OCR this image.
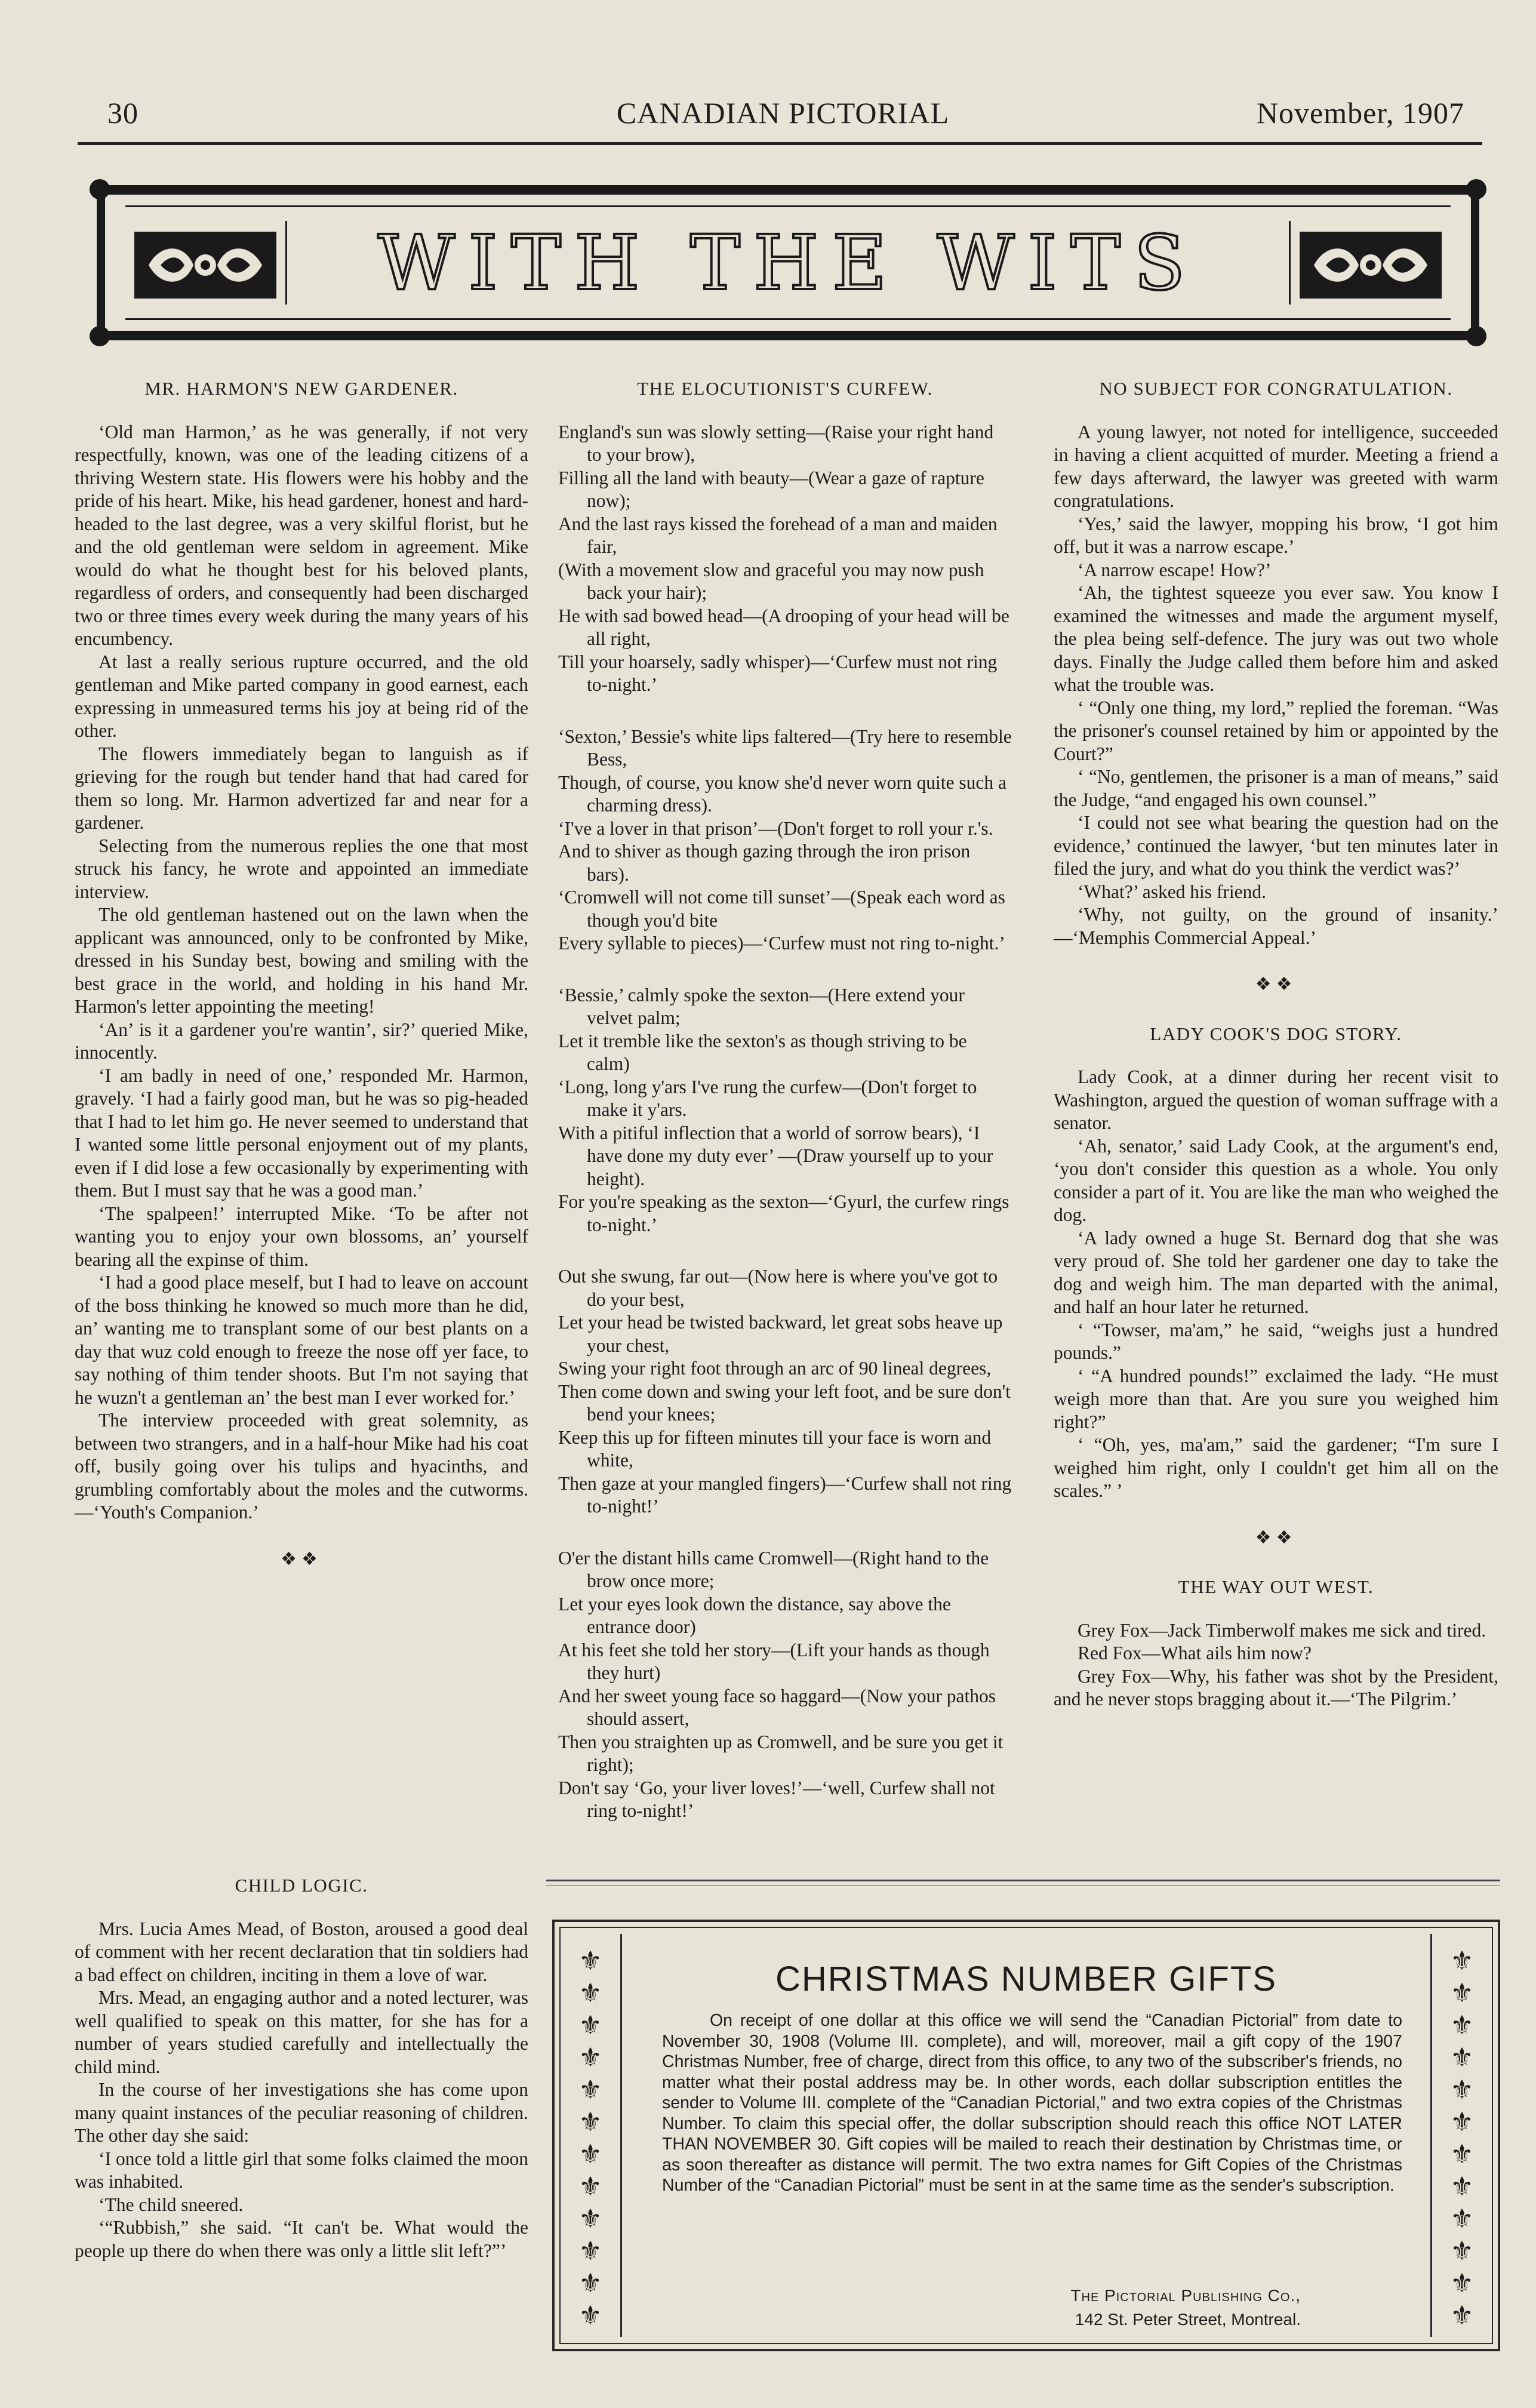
30	CANADIAN PICTORIAL	November, 1907
WITH THE WITS
MR. HARMON'S NEW GARDENER.

‘Old man Harmon,’ as he was generally, if not very respectfully, known, was one of the leading citizens of a thriving Western state. His flowers were his hobby and the pride of his heart. Mike, his head gardener, honest and hard-headed to the last degree, was a very skilful florist, but he and the old gentleman were seldom in agreement. Mike would do what he thought best for his beloved plants, regardless of orders, and consequently had been discharged two or three times every week during the many years of his encumbency.

At last a really serious rupture occurred, and the old gentleman and Mike parted company in good earnest, each expressing in unmeasured terms his joy at being rid of the other.

The flowers immediately began to languish as if grieving for the rough but tender hand that had cared for them so long. Mr. Harmon advertized far and near for a gardener.

Selecting from the numerous replies the one that most struck his fancy, he wrote and appointed an immediate interview.

The old gentleman hastened out on the lawn when the applicant was announced, only to be confronted by Mike, dressed in his Sunday best, bowing and smiling with the best grace in the world, and holding in his hand Mr. Harmon's letter appointing the meeting!

‘An’ is it a gardener you're wantin’, sir?’ queried Mike, innocently.

‘I am badly in need of one,’ responded Mr. Harmon, gravely. ‘I had a fairly good man, but he was so pig-headed that I had to let him go. He never seemed to understand that I wanted some little personal enjoyment out of my plants, even if I did lose a few occasionally by experimenting with them. But I must say that he was a good man.’

‘The spalpeen!’ interrupted Mike. ‘To be after not wanting you to enjoy your own blossoms, an’ yourself bearing all the expinse of thim.

‘I had a good place meself, but I had to leave on account of the boss thinking he knowed so much more than he did, an’ wanting me to transplant some of our best plants on a day that wuz cold enough to freeze the nose off yer face, to say nothing of thim tender shoots. But I'm not saying that he wuzn't a gentleman an’ the best man I ever worked for.’

The interview proceeded with great solemnity, as between two strangers, and in a half-hour Mike had his coat off, busily going over his tulips and hyacinths, and grumbling comfortably about the moles and the cutworms.—‘Youth's Companion.’

❖❖
CHILD LOGIC.

Mrs. Lucia Ames Mead, of Boston, aroused a good deal of comment with her recent declaration that tin soldiers had a bad effect on children, inciting in them a love of war.

Mrs. Mead, an engaging author and a noted lecturer, was well qualified to speak on this matter, for she has for a number of years studied carefully and intellectually the child mind.

In the course of her investigations she has come upon many quaint instances of the peculiar reasoning of children. The other day she said:

‘I once told a little girl that some folks claimed the moon was inhabited.

‘The child sneered.

‘“Rubbish,” she said. “It can't be. What would the people up there do when there was only a little slit left?”’

THE ELOCUTIONIST'S CURFEW.
England's sun was slowly setting—(Raise your right hand to your brow),
Filling all the land with beauty—(Wear a gaze of rapture now);
And the last rays kissed the forehead of a man and maiden fair,
(With a movement slow and graceful you may now push back your hair);
He with sad bowed head—(A drooping of your head will be all right,
Till your hoarsely, sadly whisper)—‘Curfew must not ring to-night.’
‘Sexton,’ Bessie's white lips faltered—(Try here to resemble Bess,
Though, of course, you know she'd never worn quite such a charming dress).
‘I've a lover in that prison’—(Don't forget to roll your r.'s.
And to shiver as though gazing through the iron prison bars).
‘Cromwell will not come till sunset’—(Speak each word as though you'd bite
Every syllable to pieces)—‘Curfew must not ring to-night.’
‘Bessie,’ calmly spoke the sexton—(Here extend your velvet palm;
Let it tremble like the sexton's as though striving to be calm)
‘Long, long y'ars I've rung the curfew—(Don't forget to make it y'ars.
With a pitiful inflection that a world of sorrow bears), ‘I have done my duty ever’ —(Draw yourself up to your height).
For you're speaking as the sexton—‘Gyurl, the curfew rings to-night.’
Out she swung, far out—(Now here is where you've got to do your best,
Let your head be twisted backward, let great sobs heave up your chest,
Swing your right foot through an arc of 90 lineal degrees,
Then come down and swing your left foot, and be sure don't bend your knees;
Keep this up for fifteen minutes till your face is worn and white,
Then gaze at your mangled fingers)—‘Curfew shall not ring to-night!’
O'er the distant hills came Cromwell—(Right hand to the brow once more;
Let your eyes look down the distance, say above the entrance door)
At his feet she told her story—(Lift your hands as though they hurt)
And her sweet young face so haggard—(Now your pathos should assert,
Then you straighten up as Cromwell, and be sure you get it right);
Don't say ‘Go, your liver loves!’—‘well, Curfew shall not ring to-night!’
NO SUBJECT FOR CONGRATULATION.

A young lawyer, not noted for intelligence, succeeded in having a client acquitted of murder. Meeting a friend a few days afterward, the lawyer was greeted with warm congratulations.

‘Yes,’ said the lawyer, mopping his brow, ‘I got him off, but it was a narrow escape.’

‘A narrow escape! How?’

‘Ah, the tightest squeeze you ever saw. You know I examined the witnesses and made the argument myself, the plea being self-defence. The jury was out two whole days. Finally the Judge called them before him and asked what the trouble was.

‘ “Only one thing, my lord,” replied the foreman. “Was the prisoner's counsel retained by him or appointed by the Court?”

‘ “No, gentlemen, the prisoner is a man of means,” said the Judge, “and engaged his own counsel.”

‘I could not see what bearing the question had on the evidence,’ continued the lawyer, ‘but ten minutes later in filed the jury, and what do you think the verdict was?’

‘What?’ asked his friend.

‘Why, not guilty, on the ground of insanity.’ —‘Memphis Commercial Appeal.’

❖❖
LADY COOK'S DOG STORY.

Lady Cook, at a dinner during her recent visit to Washington, argued the question of woman suffrage with a senator.

‘Ah, senator,’ said Lady Cook, at the argument's end, ‘you don't consider this question as a whole. You only consider a part of it. You are like the man who weighed the dog.

‘A lady owned a huge St. Bernard dog that she was very proud of. She told her gardener one day to take the dog and weigh him. The man departed with the animal, and half an hour later he returned.

‘ “Towser, ma'am,” he said, “weighs just a hundred pounds.”

‘ “A hundred pounds!” exclaimed the lady. “He must weigh more than that. Are you sure you weighed him right?”

‘ “Oh, yes, ma'am,” said the gardener; “I'm sure I weighed him right, only I couldn't get him all on the scales.” ’

❖❖
THE WAY OUT WEST.

Grey Fox—Jack Timberwolf makes me sick and tired.

Red Fox—What ails him now?

Grey Fox—Why, his father was shot by the President, and he never stops bragging about it.—‘The Pilgrim.’

⚜
⚜
⚜
⚜
⚜
⚜
⚜
⚜
⚜
⚜
⚜
⚜
⚜
⚜
⚜
⚜
⚜
⚜
⚜
⚜
⚜
⚜
⚜
⚜
CHRISTMAS NUMBER GIFTS

On receipt of one dollar at this office we will send the “Canadian Pictorial” from date to November 30, 1908 (Volume III. complete), and will, moreover, mail a gift copy of the 1907 Christmas Number, free of charge, direct from this office, to any two of the subscriber's friends, no matter what their postal address may be. In other words, each dollar subscription entitles the sender to Volume III. complete of the “Canadian Pictorial,” and two extra copies of the Christmas Number. To claim this special offer, the dollar subscription should reach this office NOT LATER THAN NOVEMBER 30. Gift copies will be mailed to reach their destination by Christmas time, or as soon thereafter as distance will permit. The two extra names for Gift Copies of the Christmas Number of the “Canadian Pictorial” must be sent in at the same time as the sender's subscription.

The Pictorial Publishing Co.,
142 St. Peter Street, Montreal.
